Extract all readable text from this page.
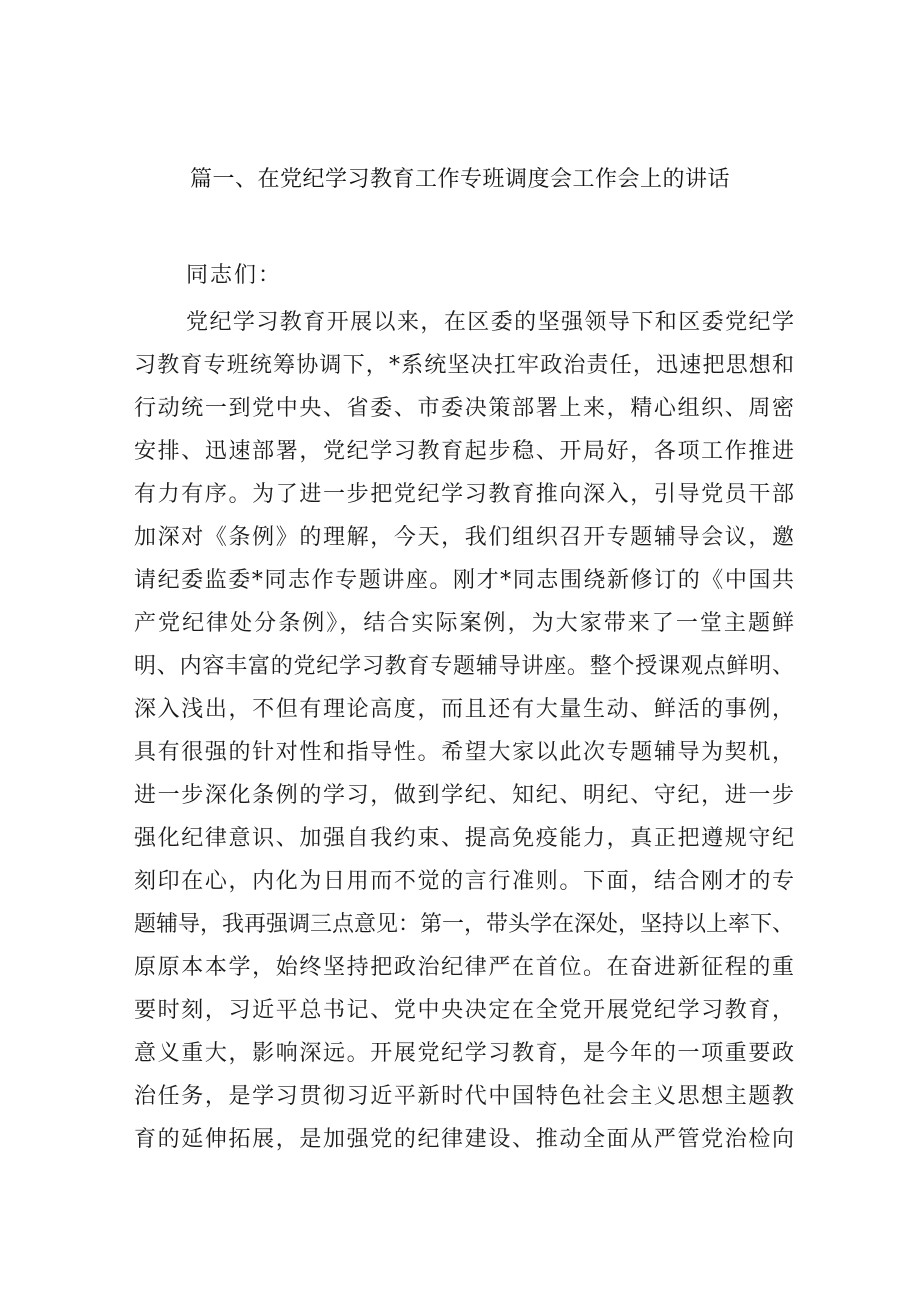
篇一、在党纪学习教育工作专班调度会工作会上的讲话

同志们：

党纪学习教育开展以来，在区委的坚强领导下和区委党纪学

习教育专班统筹协调下，*系统坚决扛牢政治责任，迅速把思想和

行动统一到党中央、省委、市委决策部署上来，精心组织、周密

安排、迅速部署，党纪学习教育起步稳、开局好，各项工作推进

有力有序。为了进一步把党纪学习教育推向深入，引导党员干部

加深对《条例》的理解，今天，我们组织召开专题辅导会议，邀

请纪委监委*同志作专题讲座。刚才*同志围绕新修订的《中国共

产党纪律处分条例》，结合实际案例，为大家带来了一堂主题鲜

明、内容丰富的党纪学习教育专题辅导讲座。整个授课观点鲜明、

深入浅出，不但有理论高度，而且还有大量生动、鲜活的事例，

具有很强的针对性和指导性。希望大家以此次专题辅导为契机，

进一步深化条例的学习，做到学纪、知纪、明纪、守纪，进一步

强化纪律意识、加强自我约束、提高免疫能力，真正把遵规守纪

刻印在心，内化为日用而不觉的言行准则。下面，结合刚才的专

题辅导，我再强调三点意见：第一，带头学在深处，坚持以上率下、

原原本本学，始终坚持把政治纪律严在首位。在奋进新征程的重

要时刻，习近平总书记、党中央决定在全党开展党纪学习教育，

意义重大，影响深远。开展党纪学习教育，是今年的一项重要政

治任务，是学习贯彻习近平新时代中国特色社会主义思想主题教

育的延伸拓展，是加强党的纪律建设、推动全面从严管党治检向
